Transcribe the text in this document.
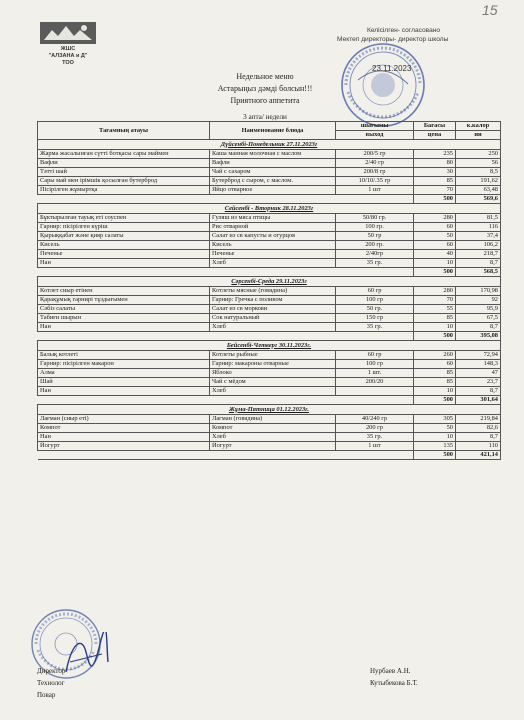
15
ЖШС
"АЛЗАНА и Д"
ТОО
Келісілген- согласовано
Мектеп директоры- директор школы
23.11.2023
Недельное меню
Астарыңыз дәмді болсын!!!
Приятного аппетита
3 апта/ недели
Тағамның атауы	Наименование блюда	шығымы	Бағасы	к.калор
		выход	цена	ии
Дүйсенбі-Понедельник 27.11.2023г				
Жарма жасалынған сүтті ботқасы сары маймен	Каша манная молочная с маслом	200/5 гр	235	250
Вафли	Вафли	2/40 гр	80	56
Тәтті шай	Чай с сахаром	200/8 гр	30	8,5
Сары май мен ірімшік қосылған бутерброд	Бутерброд с сыром, с маслом.	10/10/.35 гр	85	191,62
Пісірілген жұмыртқа	Яйцо отварное	1 шт	70	63,48
			500	569,6
Сейсенбі - Вторник 28.11.2023г				
Бұктырылған тауық еті соуспен	Гуляш из мяса птицы	50/80 гр.	280	81,5
Гарнир: пісірілген күріш	Рис отварной	100 гр.	60	116
Қырыққабат және қияр салаты	Салат из св капусты и огурцов	50 гр	50	37,4
Кисель	Кисель	200 гр.	60	106,2
Печенье	Печенье	2/40гр	40	218,7
Нан	Хлеб	35 гр.	10	8,7
			500	568,5
Сәрсенбі-Среда 29.11.2023г				
Котлет сиыр етінен	Котлеты мясные (говядина)	60 гр	280	170,98
Қарақұмық гарнирі тұздығымен	Гарнир: Гречка с поливом	100 гр	70	92
Сәбіз салаты	Салат из св моркови	50 гр.	55	95,9
Табиғи шырын	Сок натуральный	150 гр	85	67,5
Нан	Хлеб	35 гр.	10	8,7
			500	395,08
Бейсенбі-Четверг 30.11.2023г.				
Балық котлеті	Котлеты рыбные	60 гр	260	72,94
Гарнир: пісірілген макарон	Гарнир: макароны отварные	100 гр	60	148,3
Алма	Яблоко	1 шт.	85	47
Шай	Чай с мёдом	200/20	85	23,7
Нан	Хлеб		10	8,7
			500	301,64
Жұма-Пятница 01.12.2023г.				
Лағман (сиыр еті)	Лагман (говядина)	40/240 гр	305	219,84
Компот	Компот	200 гр	50	82,6
Нан	Хлеб	35 гр.	10	8,7
Йогурт	Йогурт	1 шт	135	110
			500	421,14
Директор
Технолог
Повар
Нурбаев А.Н.
Кутыбекова Б.Т.
